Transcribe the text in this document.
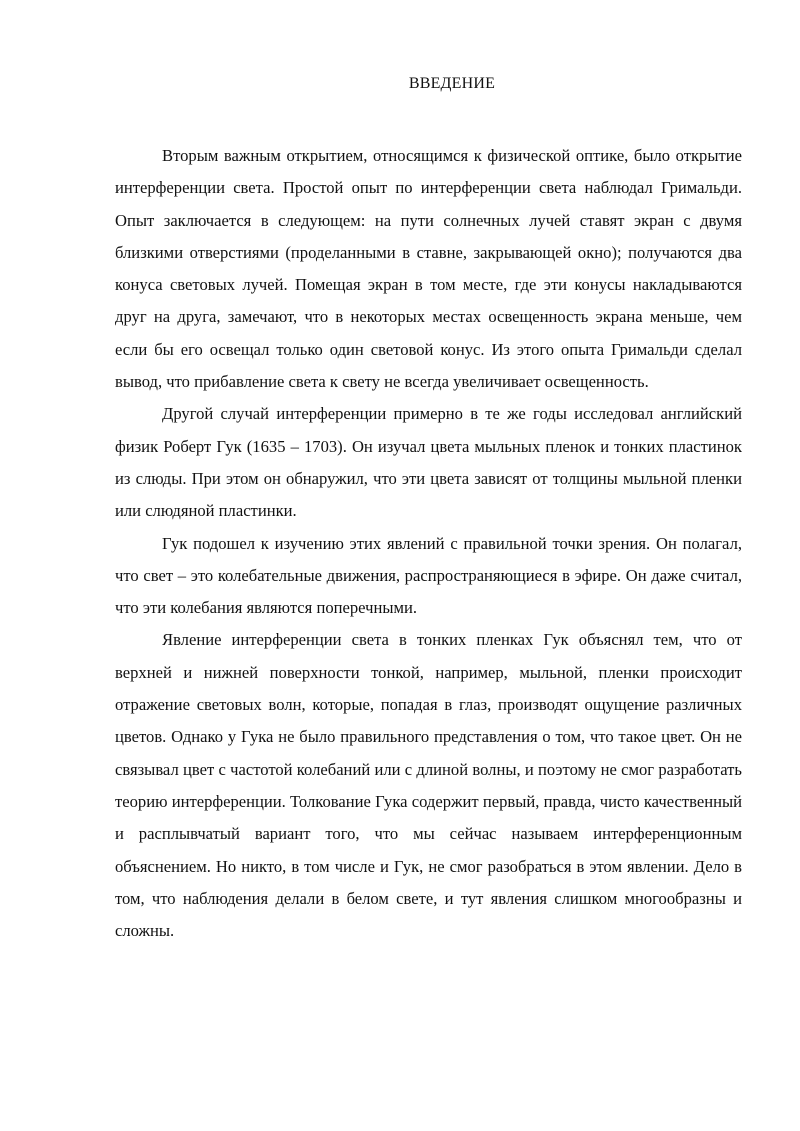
ВВЕДЕНИЕ

Вторым важным открытием, относящимся к физической оптике, было открытие интерференции света. Простой опыт по интерференции света наблюдал Гримальди. Опыт заключается в следующем: на пути солнечных лучей ставят экран с двумя близкими отверстиями (проделанными в ставне, закрывающей окно); получаются два конуса световых лучей. Помещая экран в том месте, где эти конусы накладываются друг на друга, замечают, что в некоторых местах освещенность экрана меньше, чем если бы его освещал только один световой конус. Из этого опыта Гримальди сделал вывод, что прибавление света к свету не всегда увеличивает освещенность.

Другой случай интерференции примерно в те же годы исследовал английский физик Роберт Гук (1635 – 1703). Он изучал цвета мыльных пленок и тонких пластинок из слюды. При этом он обнаружил, что эти цвета зависят от толщины мыльной пленки или слюдяной пластинки.

Гук подошел к изучению этих явлений с правильной точки зрения. Он полагал, что свет – это колебательные движения, распространяющиеся в эфире. Он даже считал, что эти колебания являются поперечными.

Явление интерференции света в тонких пленках Гук объяснял тем, что от верхней и нижней поверхности тонкой, например, мыльной, пленки происходит отражение световых волн, которые, попадая в глаз, производят ощущение различных цветов. Однако у Гука не было правильного представления о том, что такое цвет. Он не связывал цвет с частотой колебаний или с длиной волны, и поэтому не смог разработать теорию интерференции. Толкование Гука содержит первый, правда, чисто качественный и расплывчатый вариант того, что мы сейчас называем интерференционным объяснением. Но никто, в том числе и Гук, не смог разобраться в этом явлении. Дело в том, что наблюдения делали в белом свете, и тут явления слишком многообразны и сложны.
